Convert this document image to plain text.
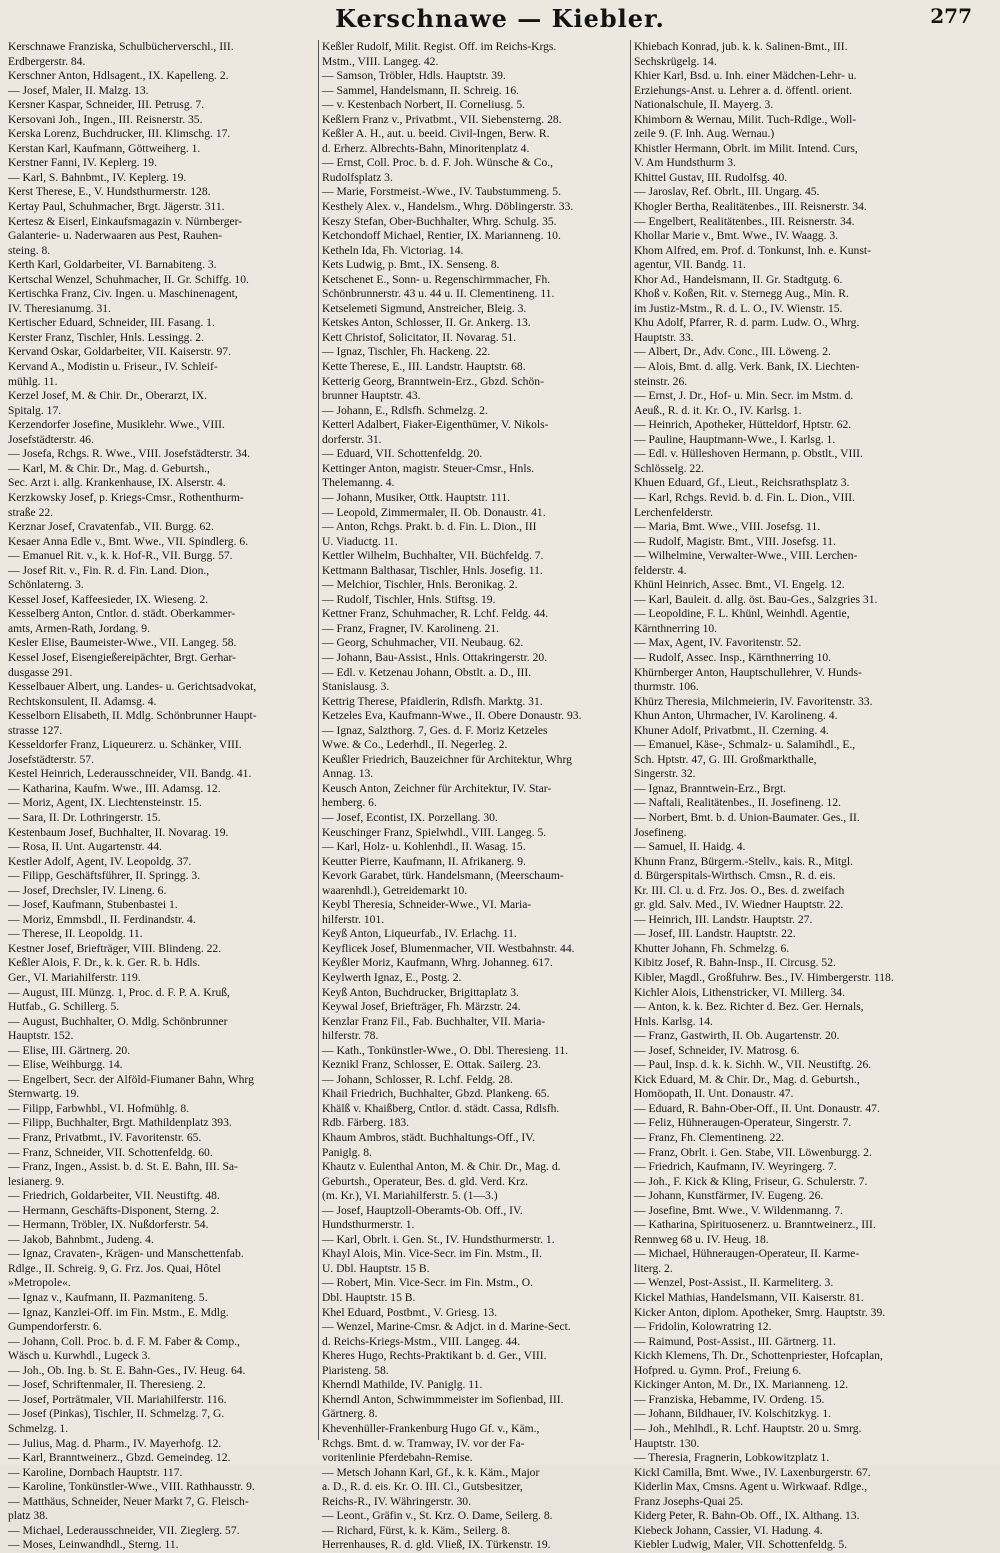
Kerschnawe — Kiebler.	277
Kerschnawe Franziska, Schulbücherverschl., III.
Erdbergerstr. 84.
Kerschner Anton, Hdlsagent., IX. Kapelleng. 2.
— Josef, Maler, II. Malzg. 13.
Kersner Kaspar, Schneider, III. Petrusg. 7.
Kersovani Joh., Ingen., III. Reisnerstr. 35.
Kerska Lorenz, Buchdrucker, III. Klimschg. 17.
Kerstan Karl, Kaufmann, Göttweiherg. 1.
Kerstner Fanni, IV. Keplerg. 19.
— Karl, S. Bahnbmt., IV. Keplerg. 19.
Kerst Therese, E., V. Hundsthurmerstr. 128.
Kertay Paul, Schuhmacher, Brgt. Jägerstr. 311.
Kertesz & Eiserl, Einkaufsmagazin v. Nürnberger-
Galanterie- u. Naderwaaren aus Pest, Rauhen-
steing. 8.
Kerth Karl, Goldarbeiter, VI. Barnabiteng. 3.
Kertschal Wenzel, Schuhmacher, II. Gr. Schiffg. 10.
Kertischka Franz, Civ. Ingen. u. Maschinenagent,
IV. Theresianumg. 31.
Kertischer Eduard, Schneider, III. Fasang. 1.
Kerster Franz, Tischler, Hnls. Lessingg. 2.
Kervand Oskar, Goldarbeiter, VII. Kaiserstr. 97.
Kervand A., Modistin u. Friseur., IV. Schleif-
mühlg. 11.
Kerzel Josef, M. & Chir. Dr., Oberarzt, IX.
Spitalg. 17.
Kerzendorfer Josefine, Musiklehr. Wwe., VIII.
Josefstädterstr. 46.
— Josefa, Rchgs. R. Wwe., VIII. Josefstädterstr. 34.
— Karl, M. & Chir. Dr., Mag. d. Geburtsh.,
Sec. Arzt i. allg. Krankenhause, IX. Alserstr. 4.
Kerzkowsky Josef, p. Kriegs-Cmsr., Rothenthurm-
straße 22.
Kerznar Josef, Cravatenfab., VII. Burgg. 62.
Kesaer Anna Edle v., Bmt. Wwe., VII. Spindlerg. 6.
— Emanuel Rit. v., k. k. Hof-R., VII. Burgg. 57.
— Josef Rit. v., Fin. R. d. Fin. Land. Dion.,
Schönlaterng. 3.
Kessel Josef, Kaffeesieder, IX. Wieseng. 2.
Kesselberg Anton, Cntlor. d. städt. Oberkammer-
amts, Armen-Rath, Jordang. 9.
Kesler Elise, Baumeister-Wwe., VII. Langeg. 58.
Kessel Josef, Eisengießereipächter, Brgt. Gerhar-
dusgasse 291.
Kesselbauer Albert, ung. Landes- u. Gerichtsadvokat,
Rechtskonsulent, II. Adamsg. 4.
Kesselborn Elisabeth, II. Mdlg. Schönbrunner Haupt-
strasse 127.
Kesseldorfer Franz, Liqueurerz. u. Schänker, VIII.
Josefstädterstr. 57.
Kestel Heinrich, Lederausschneider, VII. Bandg. 41.
— Katharina, Kaufm. Wwe., III. Adamsg. 12.
— Moriz, Agent, IX. Liechtensteinstr. 15.
— Sara, II. Dr. Lothringerstr. 15.
Kestenbaum Josef, Buchhalter, II. Novarag. 19.
— Rosa, II. Unt. Augartenstr. 44.
Kestler Adolf, Agent, IV. Leopoldg. 37.
— Filipp, Geschäftsführer, II. Springg. 3.
— Josef, Drechsler, IV. Lineng. 6.
— Josef, Kaufmann, Stubenbastei 1.
— Moriz, Emmsbdl., II. Ferdinandstr. 4.
— Therese, II. Leopoldg. 11.
Kestner Josef, Briefträger, VIII. Blindeng. 22.
Keßler Alois, F. Dr., k. k. Ger. R. b. Hdls.
Ger., VI. Mariahilferstr. 119.
— August, III. Münzg. 1, Proc. d. F. P. A. Kruß,
Hutfab., G. Schillerg. 5.
— August, Buchhalter, O. Mdlg. Schönbrunner
Hauptstr. 152.
— Elise, III. Gärtnerg. 20.
— Elise, Weihburgg. 14.
— Engelbert, Secr. der Alföld-Fiumaner Bahn, Whrg
Sternwartg. 19.
— Filipp, Farbwhbl., VI. Hofmühlg. 8.
— Filipp, Buchhalter, Brgt. Mathildenplatz 393.
— Franz, Privatbmt., IV. Favoritenstr. 65.
— Franz, Schneider, VII. Schottenfeldg. 60.
— Franz, Ingen., Assist. b. d. St. E. Bahn, III. Sa-
lesianerg. 9.
— Friedrich, Goldarbeiter, VII. Neustiftg. 48.
— Hermann, Geschäfts-Disponent, Sterng. 2.
— Hermann, Tröbler, IX. Nußdorferstr. 54.
— Jakob, Bahnbmt., Judeng. 4.
— Ignaz, Cravaten-, Krägen- und Manschettenfab.
Rdlge., II. Schreig. 9, G. Frz. Jos. Quai, Hôtel
»Metropole«.
— Ignaz v., Kaufmann, II. Pazmaniteng. 5.
— Ignaz, Kanzlei-Off. im Fin. Mstm., E. Mdlg.
Gumpendorferstr. 6.
— Johann, Coll. Proc. b. d. F. M. Faber & Comp.,
Wäsch u. Kurwhdl., Lugeck 3.
— Joh., Ob. Ing. b. St. E. Bahn-Ges., IV. Heug. 64.
— Josef, Schriftenmaler, II. Theresieng. 2.
— Josef, Porträtmaler, VII. Mariahilferstr. 116.
— Josef (Pinkas), Tischler, II. Schmelzg. 7, G.
Schmelzg. 1.
— Julius, Mag. d. Pharm., IV. Mayerhofg. 12.
— Karl, Branntweinerz., Gbzd. Gemeindeg. 12.
— Karoline, Dornbach Hauptstr. 117.
— Karoline, Tonkünstler-Wwe., VIII. Rathhausstr. 9.
— Matthäus, Schneider, Neuer Markt 7, G. Fleisch-
platz 38.
— Michael, Lederausschneider, VII. Zieglerg. 57.
— Moses, Leinwandhdl., Sterng. 11.
Keßler Rudolf, Milit. Regist. Off. im Reichs-Krgs.
Mstm., VIII. Langeg. 42.
— Samson, Tröbler, Hdls. Hauptstr. 39.
— Sammel, Handelsmann, II. Schreig. 16.
— v. Kestenbach Norbert, II. Corneliusg. 5.
Keßlern Franz v., Privatbmt., VII. Siebensterng. 28.
Keßler A. H., aut. u. beeid. Civil-Ingen, Berw. R.
d. Erherz. Albrechts-Bahn, Minoritenplatz 4.
— Ernst, Coll. Proc. b. d. F. Joh. Wünsche & Co.,
Rudolfsplatz 3.
— Marie, Forstmeist.-Wwe., IV. Taubstummeng. 5.
Kesthely Alex. v., Handelsm., Whrg. Döblingerstr. 33.
Keszy Stefan, Ober-Buchhalter, Whrg. Schulg. 35.
Ketchondoff Michael, Rentier, IX. Marianneng. 10.
Ketheln Ida, Fh. Victoriag. 14.
Kets Ludwig, p. Bmt., IX. Senseng. 8.
Ketschenet E., Sonn- u. Regenschirmmacher, Fh.
Schönbrunnerstr. 43 u. 44 u. II. Clementineng. 11.
Ketselemeti Sigmund, Anstreicher, Bleig. 3.
Ketskes Anton, Schlosser, II. Gr. Ankerg. 13.
Kett Christof, Solicitator, II. Novarag. 51.
— Ignaz, Tischler, Fh. Hackeng. 22.
Kette Therese, E., III. Landstr. Hauptstr. 68.
Ketterig Georg, Branntwein-Erz., Gbzd. Schön-
brunner Hauptstr. 43.
— Johann, E., Rdlsfh. Schmelzg. 2.
Ketterl Adalbert, Fiaker-Eigenthümer, V. Nikols-
dorferstr. 31.
— Eduard, VII. Schottenfeldg. 20.
Kettinger Anton, magistr. Steuer-Cmsr., Hnls.
Thelemanng. 4.
— Johann, Musiker, Ottk. Hauptstr. 111.
— Leopold, Zimmermaler, II. Ob. Donaustr. 41.
— Anton, Rchgs. Prakt. b. d. Fin. L. Dion., III
U. Viaductg. 11.
Kettler Wilhelm, Buchhalter, VII. Büchfeldg. 7.
Kettmann Balthasar, Tischler, Hnls. Josefig. 11.
— Melchior, Tischler, Hnls. Beronikag. 2.
— Rudolf, Tischler, Hnls. Stiftsg. 19.
Kettner Franz, Schuhmacher, R. Lchf. Feldg. 44.
— Franz, Fragner, IV. Karolineng. 21.
— Georg, Schuhmacher, VII. Neubaug. 62.
— Johann, Bau-Assist., Hnls. Ottakringerstr. 20.
— Edl. v. Ketzenau Johann, Obstlt. a. D., III.
Stanislausg. 3.
Kettrig Therese, Pfaidlerin, Rdlsfh. Marktg. 31.
Ketzeles Eva, Kaufmann-Wwe., II. Obere Donaustr. 93.
— Ignaz, Salzthorg. 7, Ges. d. F. Moriz Ketzeles
Wwe. & Co., Lederhdl., II. Negerleg. 2.
Keußler Friedrich, Bauzeichner für Architektur, Whrg
Annag. 13.
Keusch Anton, Zeichner für Architektur, IV. Star-
hemberg. 6.
— Josef, Econtist, IX. Porzellang. 30.
Keuschinger Franz, Spielwhdl., VIII. Langeg. 5.
— Karl, Holz- u. Kohlenhdl., II. Wasag. 15.
Keutter Pierre, Kaufmann, II. Afrikanerg. 9.
Kevork Garabet, türk. Handelsmann, (Meerschaum-
waarenhdl.), Getreidemarkt 10.
Keybl Theresia, Schneider-Wwe., VI. Maria-
hilferstr. 101.
Keyß Anton, Liqueurfab., IV. Erlachg. 11.
Keyflicek Josef, Blumenmacher, VII. Westbahnstr. 44.
Keyßler Moriz, Kaufmann, Whrg. Johanneg. 617.
Keylwerth Ignaz, E., Postg. 2.
Keyß Anton, Buchdrucker, Brigittaplatz 3.
Keywal Josef, Briefträger, Fh. Märzstr. 24.
Kenzlar Franz Fil., Fab. Buchhalter, VII. Maria-
hilferstr. 78.
— Kath., Tonkünstler-Wwe., O. Dbl. Theresieng. 11.
Keznikl Franz, Schlosser, E. Ottak. Sailerg. 23.
— Johann, Schlosser, R. Lchf. Feldg. 28.
Khail Friedrich, Buchhalter, Gbzd. Plankeng. 65.
Khälß v. Khaißberg, Cntlor. d. städt. Cassa, Rdlsfh.
Rdb. Färberg. 183.
Khaum Ambros, städt. Buchhaltungs-Off., IV.
Paniglg. 8.
Khautz v. Eulenthal Anton, M. & Chir. Dr., Mag. d.
Geburtsh., Operateur, Bes. d. gld. Verd. Krz.
(m. Kr.), VI. Mariahilferstr. 5. (1—3.)
— Josef, Hauptzoll-Oberamts-Ob. Off., IV.
Hundsthurmerstr. 1.
— Karl, Obrlt. i. Gen. St., IV. Hundsthurmerstr. 1.
Khayl Alois, Min. Vice-Secr. im Fin. Mstm., II.
U. Dbl. Hauptstr. 15 B.
— Robert, Min. Vice-Secr. im Fin. Mstm., O.
Dbl. Hauptstr. 15 B.
Khel Eduard, Postbmt., V. Griesg. 13.
— Wenzel, Marine-Cmsr. & Adjct. in d. Marine-Sect.
d. Reichs-Kriegs-Mstm., VIII. Langeg. 44.
Kheres Hugo, Rechts-Praktikant b. d. Ger., VIII.
Piaristeng. 58.
Kherndl Mathilde, IV. Paniglg. 11.
Kherndl Anton, Schwimmmeister im Sofienbad, III.
Gärtnerg. 8.
Khevenhüller-Frankenburg Hugo Gf. v., Käm.,
Rchgs. Bmt. d. w. Tramway, IV. vor der Fa-
voritenlinie Pferdebahn-Remise.
— Metsch Johann Karl, Gf., k. k. Käm., Major
a. D., R. d. eis. Kr. O. III. Cl., Gutsbesitzer,
Reichs-R., IV. Währingerstr. 30.
— Leont., Gräfin v., St. Krz. O. Dame, Seilerg. 8.
— Richard, Fürst, k. k. Käm., Seilerg. 8.
Herrenhauses, R. d. gld. Vließ, IX. Türkenstr. 19.
Khiebach Konrad, jub. k. k. Salinen-Bmt., III.
Sechskrügelg. 14.
Khier Karl, Bsd. u. Inh. einer Mädchen-Lehr- u.
Erziehungs-Anst. u. Lehrer a. d. öffentl. orient.
Nationalschule, II. Mayerg. 3.
Khimborn & Wernau, Milit. Tuch-Rdlge., Woll-
zeile 9. (F. Inh. Aug. Wernau.)
Khistler Hermann, Obrlt. im Milit. Intend. Curs,
V. Am Hundsthurm 3.
Khittel Gustav, III. Rudolfsg. 40.
— Jaroslav, Ref. Obrlt., III. Ungarg. 45.
Khogler Bertha, Realitätenbes., III. Reisnerstr. 34.
— Engelbert, Realitätenbes., III. Reisnerstr. 34.
Khollar Marie v., Bmt. Wwe., IV. Waagg. 3.
Khom Alfred, em. Prof. d. Tonkunst, Inh. e. Kunst-
agentur, VII. Bandg. 11.
Khor Ad., Handelsmann, II. Gr. Stadtgutg. 6.
Khoß v. Koßen, Rit. v. Sternegg Aug., Min. R.
im Justiz-Mstm., R. d. L. O., IV. Wienstr. 15.
Khu Adolf, Pfarrer, R. d. parm. Ludw. O., Whrg.
Hauptstr. 33.
— Albert, Dr., Adv. Conc., III. Löweng. 2.
— Alois, Bmt. d. allg. Verk. Bank, IX. Liechten-
steinstr. 26.
— Ernst, J. Dr., Hof- u. Min. Secr. im Mstm. d.
Aeuß., R. d. it. Kr. O., IV. Karlsg. 1.
— Heinrich, Apotheker, Hütteldorf, Hptstr. 62.
— Pauline, Hauptmann-Wwe., I. Karlsg. 1.
— Edl. v. Hülleshoven Hermann, p. Obstlt., VIII.
Schlösselg. 22.
Khuen Eduard, Gf., Lieut., Reichsrathsplatz 3.
— Karl, Rchgs. Revid. b. d. Fin. L. Dion., VIII.
Lerchenfelderstr.
— Maria, Bmt. Wwe., VIII. Josefsg. 11.
— Rudolf, Magistr. Bmt., VIII. Josefsg. 11.
— Wilhelmine, Verwalter-Wwe., VIII. Lerchen-
felderstr. 4.
Khünl Heinrich, Assec. Bmt., VI. Engelg. 12.
— Karl, Bauleit. d. allg. öst. Bau-Ges., Salzgries 31.
— Leopoldine, F. L. Khünl, Weinhdl. Agentie,
Kärnthnerring 10.
— Max, Agent, IV. Favoritenstr. 52.
— Rudolf, Assec. Insp., Kärnthnerring 10.
Khürnberger Anton, Hauptschullehrer, V. Hunds-
thurmstr. 106.
Khürz Theresia, Milchmeierin, IV. Favoritenstr. 33.
Khun Anton, Uhrmacher, IV. Karolineng. 4.
Khuner Adolf, Privatbmt., II. Czerning. 4.
— Emanuel, Käse-, Schmalz- u. Salamihdl., E.,
Sch. Hptstr. 47, G. III. Großmarkthalle,
Singerstr. 32.
— Ignaz, Branntwein-Erz., Brgt.
— Naftali, Realitätenbes., II. Josefineng. 12.
— Norbert, Bmt. b. d. Union-Baumater. Ges., II.
Josefineng.
— Samuel, II. Haidg. 4.
Khunn Franz, Bürgerm.-Stellv., kais. R., Mitgl.
d. Bürgerspitals-Wirthsch. Cmsn., R. d. eis.
Kr. III. Cl. u. d. Frz. Jos. O., Bes. d. zweifach
gr. gld. Salv. Med., IV. Wiedner Hauptstr. 22.
— Heinrich, III. Landstr. Hauptstr. 27.
— Josef, III. Landstr. Hauptstr. 22.
Khutter Johann, Fh. Schmelzg. 6.
Kibitz Josef, R. Bahn-Insp., II. Circusg. 52.
Kibler, Magdl., Großfuhrw. Bes., IV. Himbergerstr. 118.
Kichler Alois, Lithenstricker, VI. Millerg. 34.
— Anton, k. k. Bez. Richter d. Bez. Ger. Hernals,
Hnls. Karlsg. 14.
— Franz, Gastwirth, II. Ob. Augartenstr. 20.
— Josef, Schneider, IV. Matrosg. 6.
— Paul, Insp. d. k. k. Sichh. W., VII. Neustiftg. 26.
Kick Eduard, M. & Chir. Dr., Mag. d. Geburtsh.,
Homöopath, II. Unt. Donaustr. 47.
— Eduard, R. Bahn-Ober-Off., II. Unt. Donaustr. 47.
— Feliz, Hühneraugen-Operateur, Singerstr. 7.
— Franz, Fh. Clementineng. 22.
— Franz, Obrlt. i. Gen. Stabe, VII. Löwenburgg. 2.
— Friedrich, Kaufmann, IV. Weyringerg. 7.
— Joh., F. Kick & Kling, Friseur, G. Schulerstr. 7.
— Johann, Kunstfärmer, IV. Eugeng. 26.
— Josefine, Bmt. Wwe., V. Wildenmanng. 7.
— Katharina, Spirituosenerz. u. Branntweinerz., III.
Rennweg 68 u. IV. Heug. 18.
— Michael, Hühneraugen-Operateur, II. Karme-
literg. 2.
— Wenzel, Post-Assist., II. Karmeliterg. 3.
Kickel Mathias, Handelsmann, VII. Kaiserstr. 81.
Kicker Anton, diplom. Apotheker, Smrg. Hauptstr. 39.
— Fridolin, Kolowratring 12.
— Raimund, Post-Assist., III. Gärtnerg. 11.
Kickh Klemens, Th. Dr., Schottenpriester, Hofcaplan,
Hofpred. u. Gymn. Prof., Freiung 6.
Kickinger Anton, M. Dr., IX. Marianneng. 12.
— Franziska, Hebamme, IV. Ordeng. 15.
— Johann, Bildhauer, IV. Kolschitzkyg. 1.
— Joh., Mehlhdl., R. Lchf. Hauptstr. 20 u. Smrg.
Hauptstr. 130.
— Theresia, Fragnerin, Lobkowitzplatz 1.
Kickl Camilla, Bmt. Wwe., IV. Laxenburgerstr. 67.
Kiderlin Max, Cmsns. Agent u. Wirkwaaf. Rdlge.,
Franz Josephs-Quai 25.
Kiderg Peter, R. Bahn-Ob. Off., IX. Althang. 13.
Kiebeck Johann, Cassier, VI. Hadung. 4.
Kiebler Ludwig, Maler, VII. Schottenfeldg. 5.
